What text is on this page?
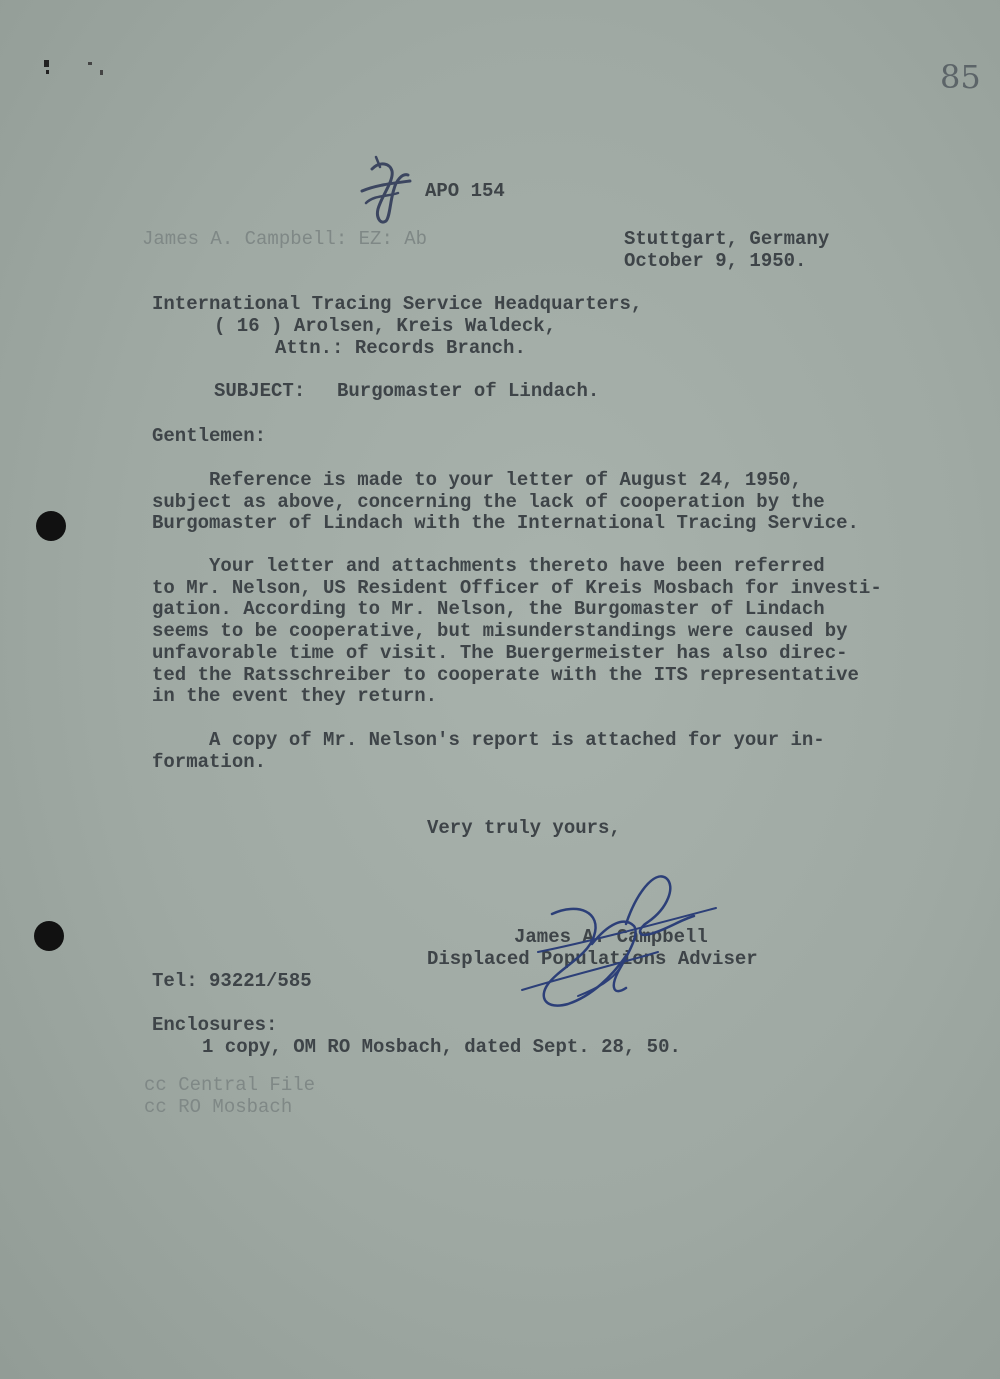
85
APO 154
James A. Campbell: EZ: Ab	Stuttgart, Germany
October 9, 1950.
International Tracing Service Headquarters,
( 16 ) Arolsen, Kreis Waldeck,
Attn.: Records Branch.
SUBJECT: Burgomaster of Lindach.
Gentlemen:
Reference is made to your letter of August 24, 1950,
subject as above, concerning the lack of cooperation by the
Burgomaster of Lindach with the International Tracing Service.
Your letter and attachments thereto have been referred
to Mr. Nelson, US Resident Officer of Kreis Mosbach for investi-
gation. According to Mr. Nelson, the Burgomaster of Lindach
seems to be cooperative, but misunderstandings were caused by
unfavorable time of visit. The Buergermeister has also direc-
ted the Ratsschreiber to cooperate with the ITS representative
in the event they return.
A copy of Mr. Nelson's report is attached for your in-
formation.
Very truly yours,
James A. Campbell
Displaced Populations Adviser
Tel: 93221/585
Enclosures:
1 copy, OM RO Mosbach, dated Sept. 28, 50.
cc Central File
cc RO Mosbach
